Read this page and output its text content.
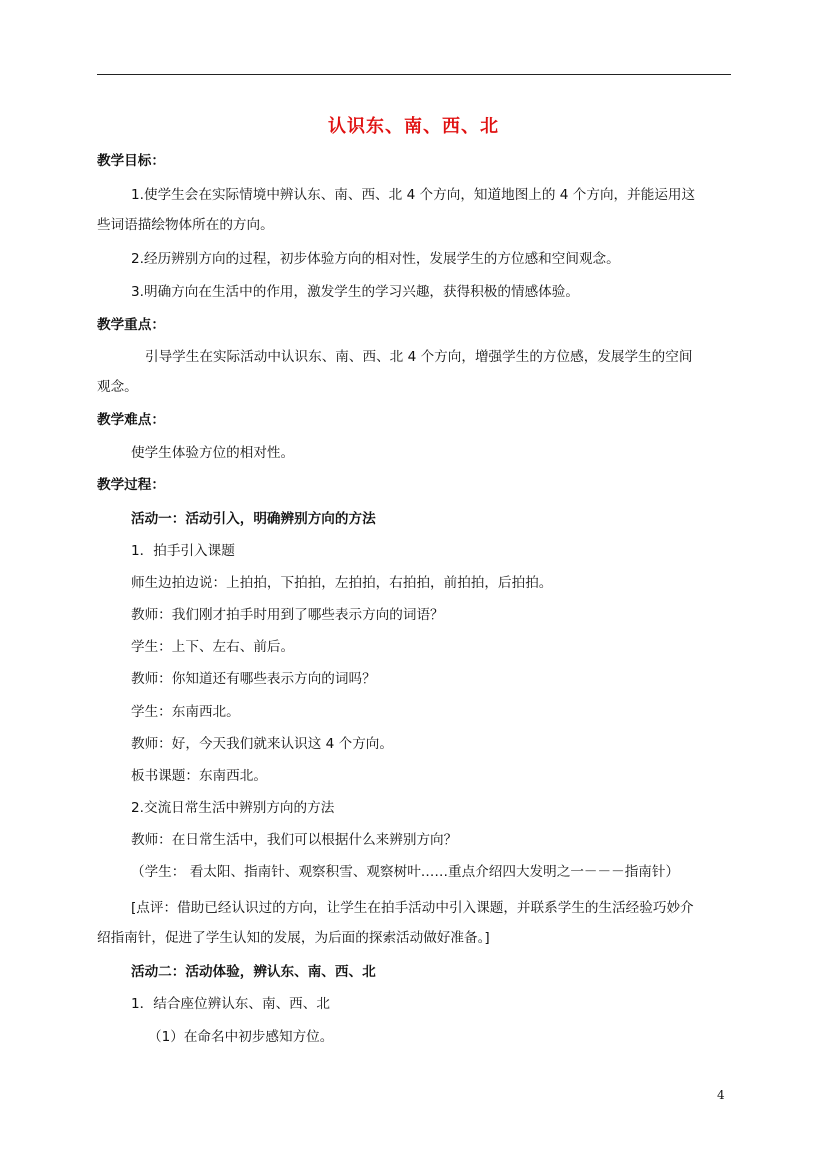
认识东、南、西、北
教学目标：
1.使学生会在实际情境中辨认东、南、西、北 4 个方向，知道地图上的 4 个方向，并能运用这
些词语描绘物体所在的方向。
2.经历辨别方向的过程，初步体验方向的相对性，发展学生的方位感和空间观念。
3.明确方向在生活中的作用，激发学生的学习兴趣，获得积极的情感体验。
教学重点：
引导学生在实际活动中认识东、南、西、北 4 个方向，增强学生的方位感，发展学生的空间
观念。
教学难点：
使学生体验方位的相对性。
教学过程：
活动一：活动引入，明确辨别方向的方法
1．拍手引入课题
师生边拍边说：上拍拍，下拍拍，左拍拍，右拍拍，前拍拍，后拍拍。
教师：我们刚才拍手时用到了哪些表示方向的词语？
学生：上下、左右、前后。
教师：你知道还有哪些表示方向的词吗？
学生：东南西北。
教师：好，今天我们就来认识这 4 个方向。
板书课题：东南西北。
2.交流日常生活中辨别方向的方法
教师：在日常生活中，我们可以根据什么来辨别方向？
（学生： 看太阳、指南针、观察积雪、观察树叶……重点介绍四大发明之一－－－指南针）
[点评：借助已经认识过的方向，让学生在拍手活动中引入课题，并联系学生的生活经验巧妙介
绍指南针，促进了学生认知的发展，为后面的探索活动做好准备。]
活动二：活动体验，辨认东、南、西、北
1．结合座位辨认东、南、西、北
（1）在命名中初步感知方位。
4
